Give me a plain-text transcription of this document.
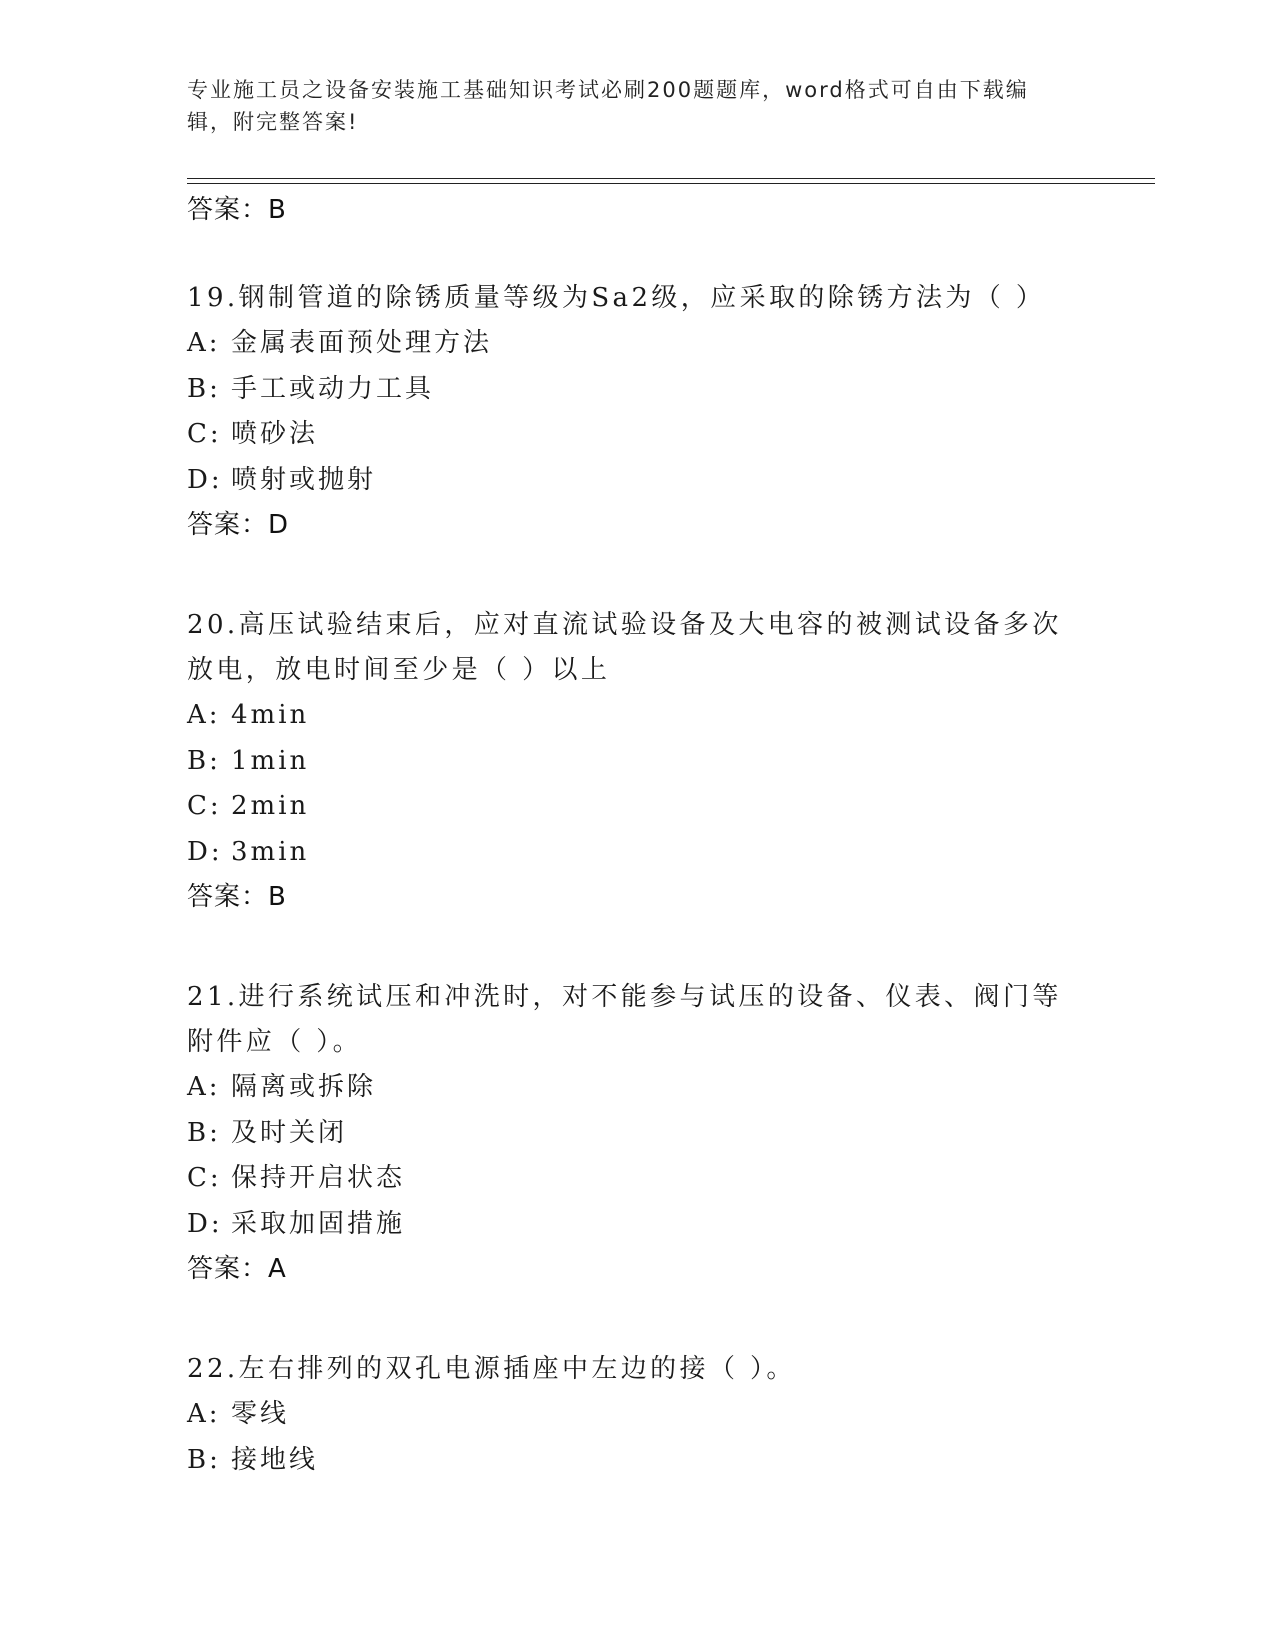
专业施工员之设备安装施工基础知识考试必刷200题题库，word格式可自由下载编辑，附完整答案!
答案：B

19.钢制管道的除锈质量等级为Sa2级，应采取的除锈方法为（ ）

A: 金属表面预处理方法
B: 手工或动力工具
C: 喷砂法
D: 喷射或抛射
答案：D

20.高压试验结束后，应对直流试验设备及大电容的被测试设备多次放电，放电时间至少是（ ）以上

A: 4min
B: 1min
C: 2min
D: 3min
答案：B

21.进行系统试压和冲洗时，对不能参与试压的设备、仪表、阀门等附件应（ ）。

A: 隔离或拆除
B: 及时关闭
C: 保持开启状态
D: 采取加固措施
答案：A

22.左右排列的双孔电源插座中左边的接（ ）。

A: 零线
B: 接地线
